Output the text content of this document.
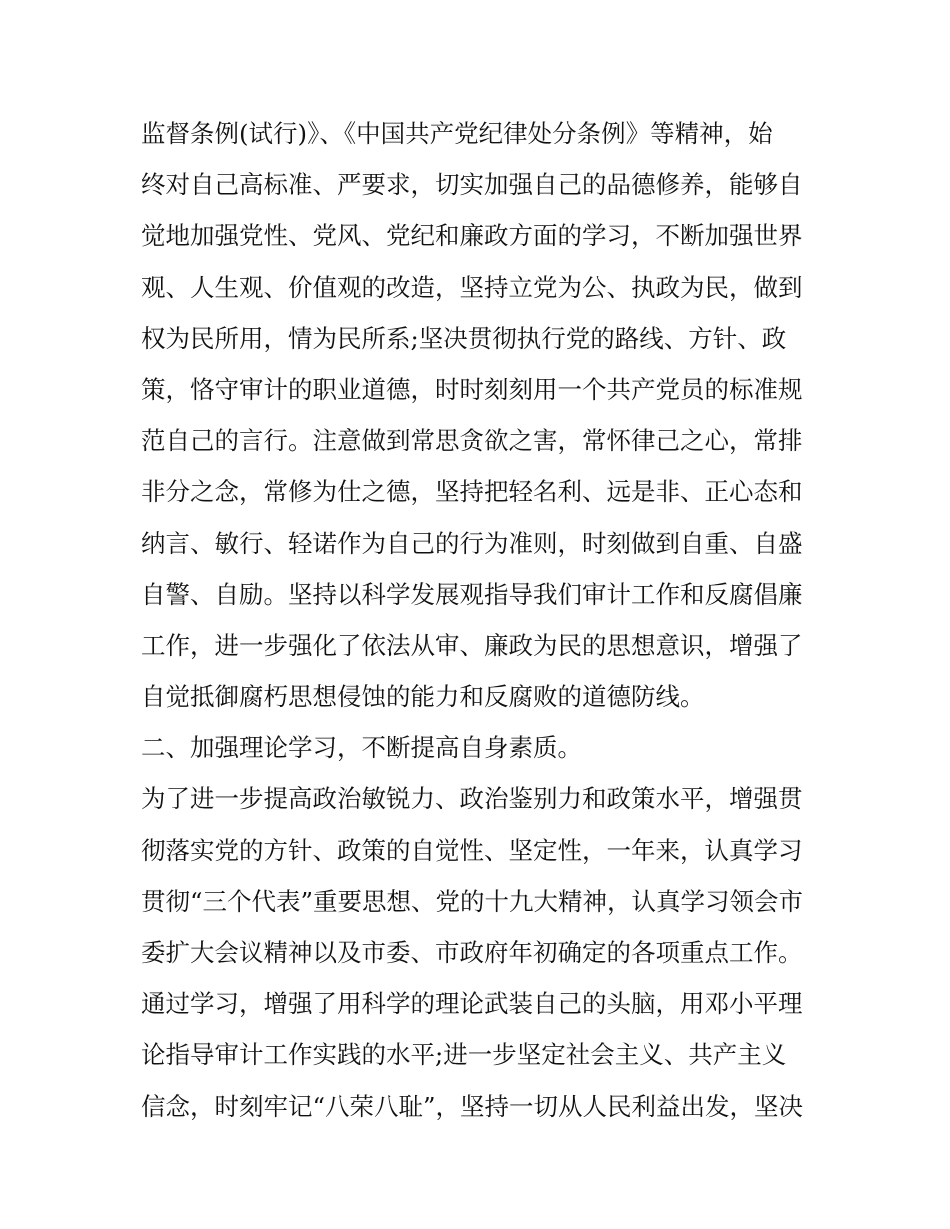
监督条例(试行)》、《中国共产党纪律处分条例》等精神，始
终对自己高标准、严要求，切实加强自己的品德修养，能够自
觉地加强党性、党风、党纪和廉政方面的学习，不断加强世界
观、人生观、价值观的改造，坚持立党为公、执政为民，做到
权为民所用，情为民所系;坚决贯彻执行党的路线、方针、政
策，恪守审计的职业道德，时时刻刻用一个共产党员的标准规
范自己的言行。注意做到常思贪欲之害，常怀律己之心，常排
非分之念，常修为仕之德，坚持把轻名利、远是非、正心态和
纳言、敏行、轻诺作为自己的行为准则，时刻做到自重、自盛
自警、自励。坚持以科学发展观指导我们审计工作和反腐倡廉
工作，进一步强化了依法从审、廉政为民的思想意识，增强了
自觉抵御腐朽思想侵蚀的能力和反腐败的道德防线。
二、加强理论学习，不断提高自身素质。
为了进一步提高政治敏锐力、政治鉴别力和政策水平，增强贯
彻落实党的方针、政策的自觉性、坚定性，一年来，认真学习
贯彻“三个代表”重要思想、党的十九大精神，认真学习领会市
委扩大会议精神以及市委、市政府年初确定的各项重点工作。
通过学习，增强了用科学的理论武装自己的头脑，用邓小平理
论指导审计工作实践的水平;进一步坚定社会主义、共产主义
信念，时刻牢记“八荣八耻”，坚持一切从人民利益出发，坚决
